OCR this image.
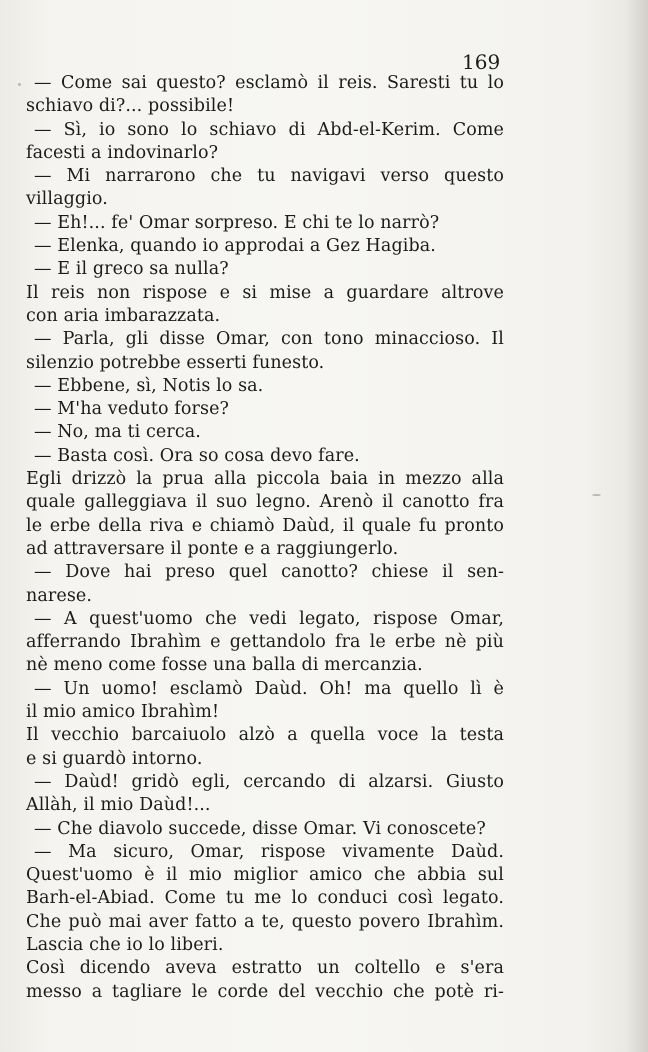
169
— Come sai questo? esclamò il reis. Saresti tu lo
schiavo di?... possibile!
— Sì, io sono lo schiavo di Abd-el-Kerim. Come
facesti a indovinarlo?
— Mi narrarono che tu navigavi verso questo
villaggio.
— Eh!... fe' Omar sorpreso. E chi te lo narrò?
— Elenka, quando io approdai a Gez Hagiba.
— E il greco sa nulla?
Il reis non rispose e si mise a guardare altrove
con aria imbarazzata.
— Parla, gli disse Omar, con tono minaccioso. Il
silenzio potrebbe esserti funesto.
— Ebbene, sì, Notis lo sa.
— M'ha veduto forse?
— No, ma ti cerca.
— Basta così. Ora so cosa devo fare.
Egli drizzò la prua alla piccola baia in mezzo alla
quale galleggiava il suo legno. Arenò il canotto fra
le erbe della riva e chiamò Daùd, il quale fu pronto
ad attraversare il ponte e a raggiungerlo.
— Dove hai preso quel canotto? chiese il sen-
narese.
— A quest'uomo che vedi legato, rispose Omar,
afferrando Ibrahìm e gettandolo fra le erbe nè più
nè meno come fosse una balla di mercanzia.
— Un uomo! esclamò Daùd. Oh! ma quello lì è
il mio amico Ibrahìm!
Il vecchio barcaiuolo alzò a quella voce la testa
e si guardò intorno.
— Daùd! gridò egli, cercando di alzarsi. Giusto
Allàh, il mio Daùd!...
— Che diavolo succede, disse Omar. Vi conoscete?
— Ma sicuro, Omar, rispose vivamente Daùd.
Quest'uomo è il mio miglior amico che abbia sul
Barh-el-Abiad. Come tu me lo conduci così legato.
Che può mai aver fatto a te, questo povero Ibrahìm.
Lascia che io lo liberi.
Così dicendo aveva estratto un coltello e s'era
messo a tagliare le corde del vecchio che potè ri-
